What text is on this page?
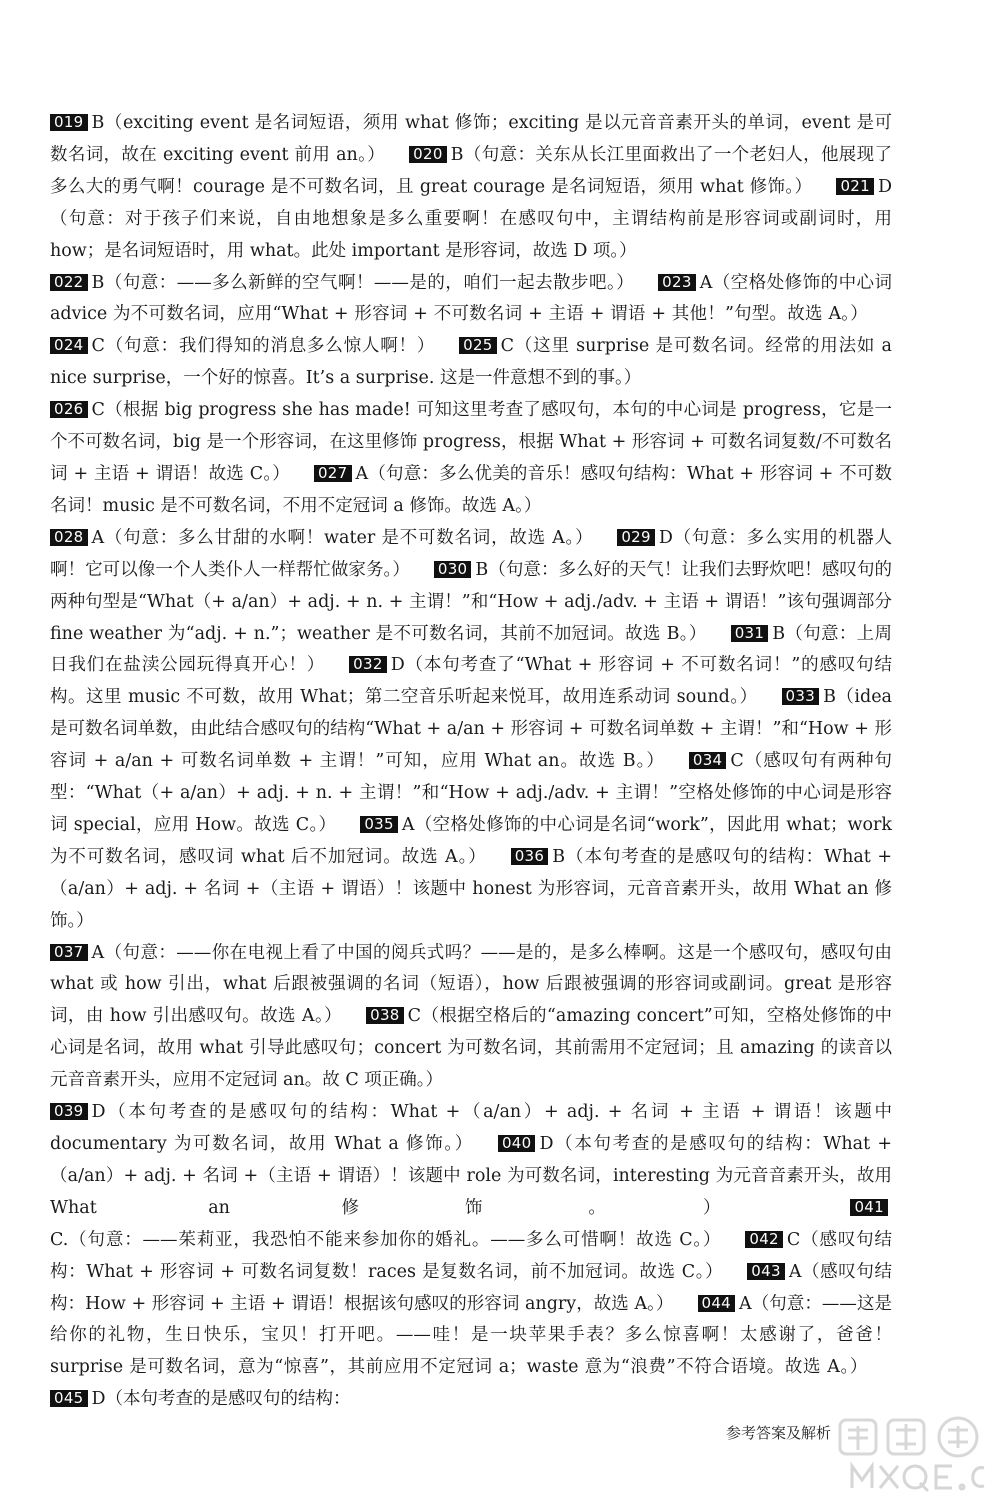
019 B（exciting event 是名词短语，须用 what 修饰；exciting 是以元音音素开头的单词，event 是可数名词，故在 exciting event 前用 an。） 020 B（句意：关东从长江里面救出了一个老妇人，他展现了多么大的勇气啊！courage 是不可数名词，且 great courage 是名词短语，须用 what 修饰。） 021 D（句意：对于孩子们来说，自由地想象是多么重要啊！在感叹句中，主谓结构前是形容词或副词时，用 how；是名词短语时，用 what。此处 important 是形容词，故选 D 项。）
022 B（句意：——多么新鲜的空气啊！——是的，咱们一起去散步吧。） 023 A（空格处修饰的中心词 advice 为不可数名词，应用“What + 形容词 + 不可数名词 + 主语 + 谓语 + 其他！”句型。故选 A。）024 C（句意：我们得知的消息多么惊人啊！） 025 C（这里 surprise 是可数名词。经常的用法如 a nice surprise，一个好的惊喜。It’s a surprise. 这是一件意想不到的事。）
026 C（根据 big progress she has made! 可知这里考查了感叹句，本句的中心词是 progress，它是一个不可数名词，big 是一个形容词，在这里修饰 progress，根据 What + 形容词 + 可数名词复数/不可数名词 + 主语 + 谓语！故选 C。） 027 A（句意：多么优美的音乐！感叹句结构：What + 形容词 + 不可数名词！music 是不可数名词，不用不定冠词 a 修饰。故选 A。）
028 A（句意：多么甘甜的水啊！water 是不可数名词，故选 A。） 029 D（句意：多么实用的机器人啊！它可以像一个人类仆人一样帮忙做家务。） 030 B（句意：多么好的天气！让我们去野炊吧！感叹句的两种句型是“What（+ a/an）+ adj. + n. + 主谓！”和“How + adj./adv. + 主语 + 谓语！”该句强调部分 fine weather 为“adj. + n.”；weather 是不可数名词，其前不加冠词。故选 B。） 031 B（句意：上周日我们在盐渎公园玩得真开心！） 032 D（本句考查了“What + 形容词 + 不可数名词！”的感叹句结构。这里 music 不可数，故用 What；第二空音乐听起来悦耳，故用连系动词 sound。） 033 B（idea 是可数名词单数，由此结合感叹句的结构“What + a/an + 形容词 + 可数名词单数 + 主谓！”和“How + 形容词 + a/an + 可数名词单数 + 主谓！”可知，应用 What an。故选 B。） 034 C（感叹句有两种句型：“What（+ a/an）+ adj. + n. + 主谓！”和“How + adj./adv. + 主谓！”空格处修饰的中心词是形容词 special，应用 How。故选 C。） 035 A（空格处修饰的中心词是名词“work”，因此用 what；work 为不可数名词，感叹词 what 后不加冠词。故选 A。） 036 B（本句考查的是感叹句的结构：What +（a/an）+ adj. + 名词 +（主语 + 谓语）！该题中 honest 为形容词，元音音素开头，故用 What an 修饰。）
037 A（句意：——你在电视上看了中国的阅兵式吗？——是的，是多么棒啊。这是一个感叹句，感叹句由 what 或 how 引出，what 后跟被强调的名词（短语），how 后跟被强调的形容词或副词。great 是形容词，由 how 引出感叹句。故选 A。） 038 C（根据空格后的“amazing concert”可知，空格处修饰的中心词是名词，故用 what 引导此感叹句；concert 为可数名词，其前需用不定冠词；且 amazing 的读音以元音音素开头，应用不定冠词 an。故 C 项正确。）
039 D（本句考查的是感叹句的结构：What +（a/an）+ adj. + 名词 + 主语 + 谓语！该题中 documentary 为可数名词，故用 What a 修饰。） 040 D（本句考查的是感叹句的结构：What +（a/an）+ adj. + 名词 +（主语 + 谓语）！该题中 role 为可数名词，interesting 为元音音素开头，故用 What an 修饰。） 041C.（句意：——茱莉亚，我恐怕不能来参加你的婚礼。——多么可惜啊！故选 C。） 042 C（感叹句结构：What + 形容词 + 可数名词复数！races 是复数名词，前不加冠词。故选 C。） 043 A（感叹句结构：How + 形容词 + 主语 + 谓语！根据该句感叹的形容词 angry，故选 A。） 044 A（句意：——这是给你的礼物，生日快乐，宝贝！打开吧。——哇！是一块苹果手表？多么惊喜啊！太感谢了，爸爸！surprise 是可数名词，意为“惊喜”，其前应用不定冠词 a；waste 意为“浪费”不符合语境。故选 A。）045 D（本句考查的是感叹句的结构：
参考答案及解析
